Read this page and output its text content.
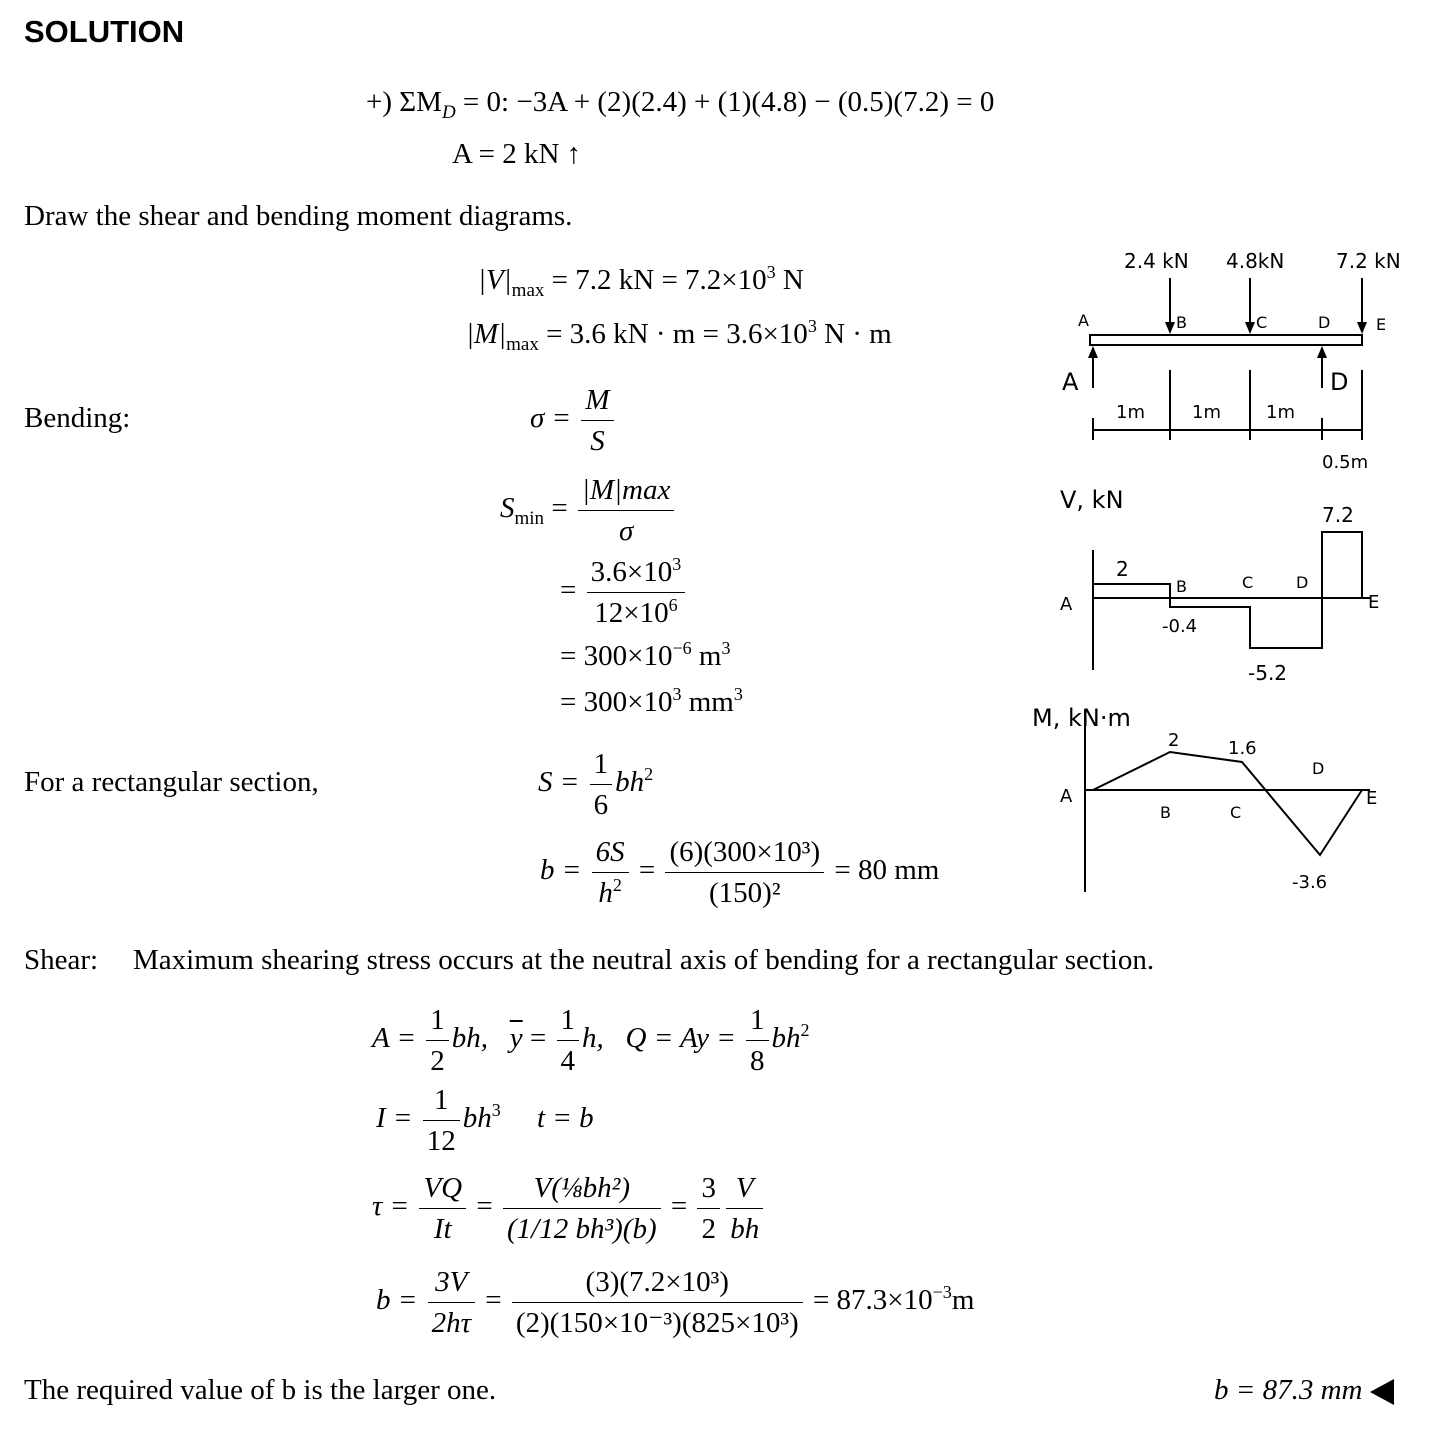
SOLUTION
+) $\Sigma M_D = 0$: −3A + (2)(2.4) + (1)(4.8) − (0.5)(7.2) = 0
A = 2 kN ↑
Draw the shear and bending moment diagrams.
$|V|_{max} = 7.2$ kN = $7.2\times 10^3$ N
$|M|_{max} = 3.6$ kN · $m = 3.6\times 10^3$ N · m
Bending:	$\sigma = \frac{M}{S}$
$S_{min} = \frac{|M|\max}{\sigma}$
= $\frac{3.6\times 10^3}{12\times 10^6}$
= $300\times 10^{-6}$ $m^3$
= $300\times 10^3$ $mm^3$
For a rectangular section,	$S = \frac{1}{6} bh^2$
$b = \frac{6S}{h^2} = \frac{\text{(6)(300×10³)}}{\text{(150)²}} = 80$ mm
Shear: Maximum shearing stress occurs at the neutral axis of bending for a rectangular section.
$A = \frac{1}{2}$ bh, $\overline{y} = \frac{1}{4} h$, $Q = Ay = \frac{1}{8} bh^2$
$I = \frac{1}{12} bh^3$ t = b
$\tau = \frac{VQ}{It} = \frac{\text{V(⅛bh²)}}{\text{(1/12 bh³)(b)}} = \frac{3}{2}$
$\frac{V}{bh}$
$b = \frac{3V}{2h\tau} = \frac{\text{(3)(7.2×10³)}}{\text{(2)(150×10⁻³)(825×10³)}} = 87.3\times 10^{-3}m$
The required value of b is the larger one.	b = 87.3 mm
2.4 kN 4.8kN	7.2 kN
A	B	C	D	E
A	D
1m	1m	1m
0.5m
V, kN
2
-0.4
-5.2
7.2
A
B	C	D
E
M, kN·m
2	1.6
-3.6
A
B	C
D
E
